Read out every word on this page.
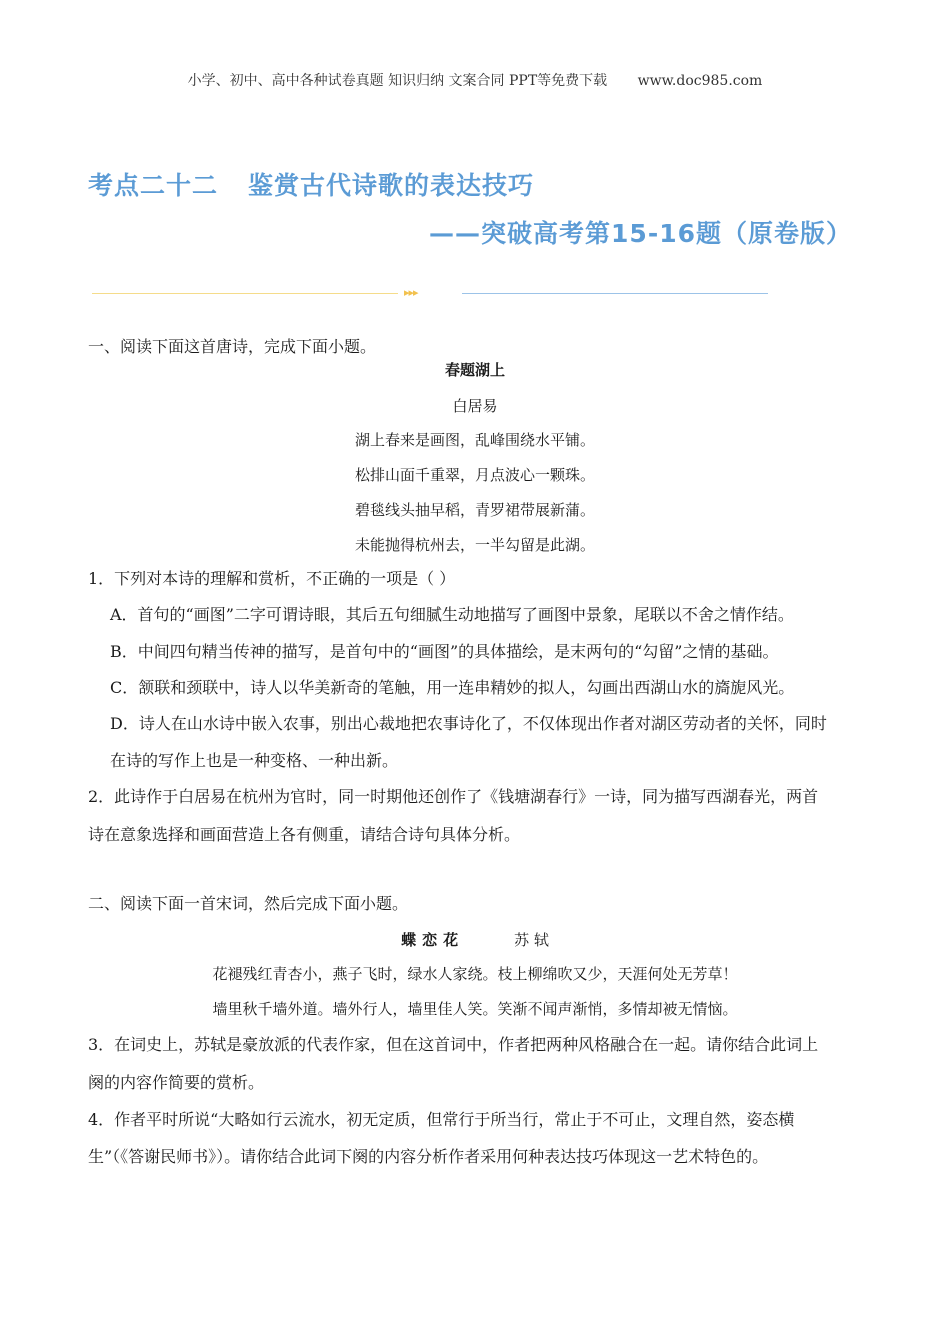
小学、初中、高中各种试卷真题 知识归纳 文案合同 PPT等免费下载 www.doc985.com
考点二十二 鉴赏古代诗歌的表达技巧
——突破高考第15-16题（原卷版）
▸▸▸
一、阅读下面这首唐诗，完成下面小题。
春题湖上
白居易
湖上春来是画图，乱峰围绕水平铺。
松排山面千重翠，月点波心一颗珠。
碧毯线头抽早稻，青罗裙带展新蒲。
未能抛得杭州去，一半勾留是此湖。
1．下列对本诗的理解和赏析，不正确的一项是（ ）
A．首句的“画图”二字可谓诗眼，其后五句细腻生动地描写了画图中景象，尾联以不舍之情作结。
B．中间四句精当传神的描写，是首句中的“画图”的具体描绘，是末两句的“勾留”之情的基础。
C．颔联和颈联中，诗人以华美新奇的笔触，用一连串精妙的拟人，勾画出西湖山水的旖旎风光。
D．诗人在山水诗中嵌入农事，别出心裁地把农事诗化了，不仅体现出作者对湖区劳动者的关怀，同时
在诗的写作上也是一种变格、一种出新。
2．此诗作于白居易在杭州为官时，同一时期他还创作了《钱塘湖春行》一诗，同为描写西湖春光，两首
诗在意象选择和画面营造上各有侧重，请结合诗句具体分析。
二、阅读下面一首宋词，然后完成下面小题。
蝶恋花	苏 轼
花褪残红青杏小，燕子飞时，绿水人家绕。枝上柳绵吹又少，天涯何处无芳草！
墙里秋千墙外道。墙外行人，墙里佳人笑。笑渐不闻声渐悄，多情却被无情恼。
3．在词史上，苏轼是豪放派的代表作家，但在这首词中，作者把两种风格融合在一起。请你结合此词上
阕的内容作简要的赏析。
4．作者平时所说“大略如行云流水，初无定质，但常行于所当行，常止于不可止，文理自然，姿态横
生”（《答谢民师书》）。请你结合此词下阕的内容分析作者采用何种表达技巧体现这一艺术特色的。
